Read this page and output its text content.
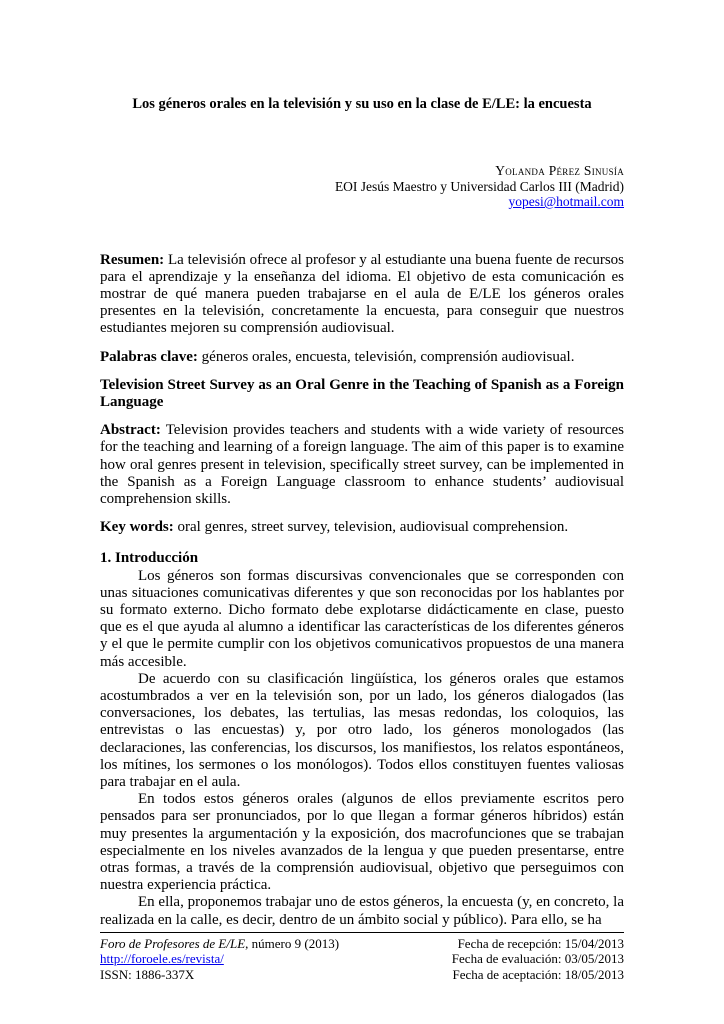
Los géneros orales en la televisión y su uso en la clase de E/LE: la encuesta
Yolanda Pérez Sinusía
EOI Jesús Maestro y Universidad Carlos III (Madrid)
yopesi@hotmail.com

Resumen: La televisión ofrece al profesor y al estudiante una buena fuente de recursos para el aprendizaje y la enseñanza del idioma. El objetivo de esta comunicación es mostrar de qué manera pueden trabajarse en el aula de E/LE los géneros orales presentes en la televisión, concretamente la encuesta, para conseguir que nuestros estudiantes mejoren su comprensión audiovisual.

Palabras clave: géneros orales, encuesta, televisión, comprensión audiovisual.

Television Street Survey as an Oral Genre in the Teaching of Spanish as a Foreign Language

Abstract: Television provides teachers and students with a wide variety of resources for the teaching and learning of a foreign language. The aim of this paper is to examine how oral genres present in television, specifically street survey, can be implemented in the Spanish as a Foreign Language classroom to enhance students’ audiovisual comprehension skills.

Key words: oral genres, street survey, television, audiovisual comprehension.

1. Introducción

Los géneros son formas discursivas convencionales que se corresponden con unas situaciones comunicativas diferentes y que son reconocidas por los hablantes por su formato externo. Dicho formato debe explotarse didácticamente en clase, puesto que es el que ayuda al alumno a identificar las características de los diferentes géneros y el que le permite cumplir con los objetivos comunicativos propuestos de una manera más accesible.

De acuerdo con su clasificación lingüística, los géneros orales que estamos acostumbrados a ver en la televisión son, por un lado, los géneros dialogados (las conversaciones, los debates, las tertulias, las mesas redondas, los coloquios, las entrevistas o las encuestas) y, por otro lado, los géneros monologados (las declaraciones, las conferencias, los discursos, los manifiestos, los relatos espontáneos, los mítines, los sermones o los monólogos). Todos ellos constituyen fuentes valiosas para trabajar en el aula.

En todos estos géneros orales (algunos de ellos previamente escritos pero pensados para ser pronunciados, por lo que llegan a formar géneros híbridos) están muy presentes la argumentación y la exposición, dos macrofunciones que se trabajan especialmente en los niveles avanzados de la lengua y que pueden presentarse, entre otras formas, a través de la comprensión audiovisual, objetivo que perseguimos con nuestra experiencia práctica.

En ella, proponemos trabajar uno de estos géneros, la encuesta (y, en concreto, la realizada en la calle, es decir, dentro de un ámbito social y público). Para ello, se ha

Foro de Profesores de E/LE, número 9 (2013)
http://foroele.es/revista/
ISSN: 1886-337X
Fecha de recepción: 15/04/2013
Fecha de evaluación: 03/05/2013
Fecha de aceptación: 18/05/2013
